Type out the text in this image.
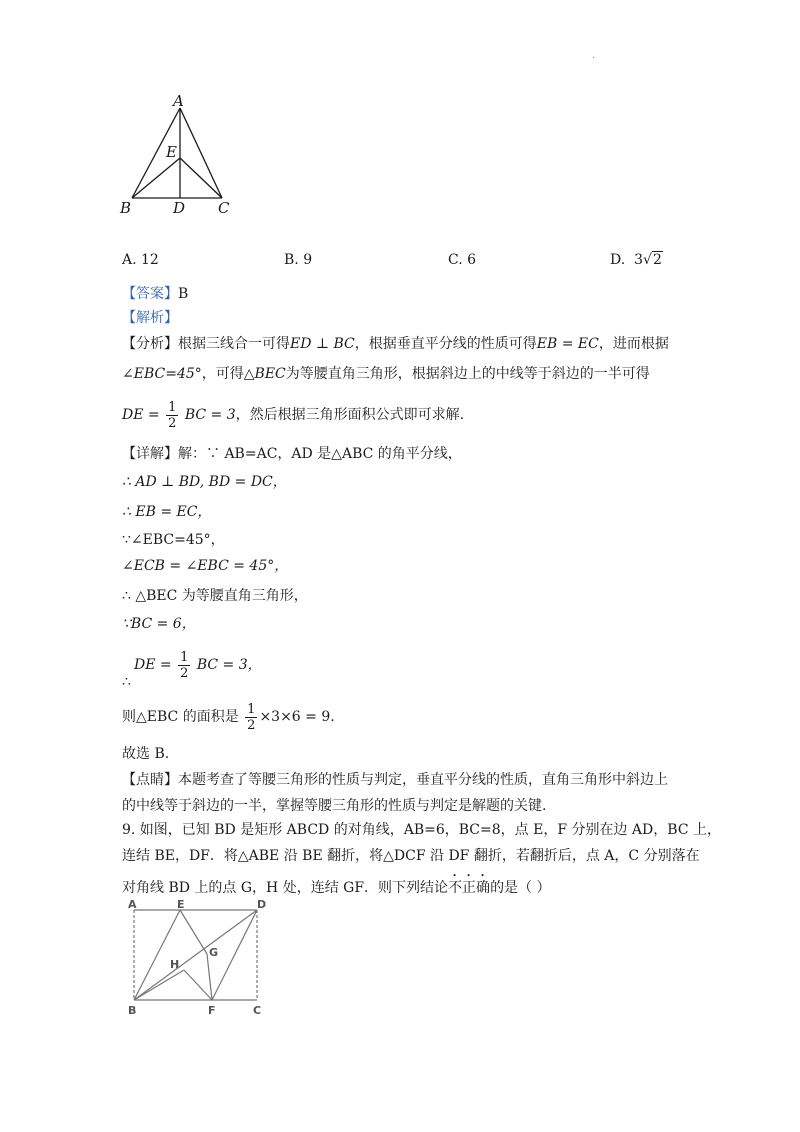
.
A
E
B	D C
A. 12	B. 9	C. 6	D. 3√2
【答案】B
【解析】
【分析】根据三线合一可得ED ⊥ BC，根据垂直平分线的性质可得EB = EC，进而根据
∠EBC=45°，可得△BEC为等腰直角三角形，根据斜边上的中线等于斜边的一半可得
DE = $\frac{1}{2}$ BC = 3，然后根据三角形面积公式即可求解.
【详解】解：∵ AB=AC，AD 是△ABC 的角平分线，
∴ AD ⊥ BD, BD = DC，
∴ EB = EC，
∵∠EBC=45°，
∠ECB = ∠EBC = 45°，
∴ △BEC 为等腰直角三角形，
∵BC = 6，
DE = $\frac{1}{2}$ BC = 3，
∴
则△EBC 的面积是 $\frac{1}{2} \times 3\times 6 = 9$.
故选 B.
【点睛】本题考查了等腰三角形的性质与判定，垂直平分线的性质，直角三角形中斜边上
的中线等于斜边的一半，掌握等腰三角形的性质与判定是解题的关键.
9. 如图，已知 BD 是矩形 ABCD 的对角线，AB=6，BC=8，点 E，F 分别在边 AD，BC 上，
连结 BE，DF．将△ABE 沿 BE 翻折，将△DCF 沿 DF 翻折，若翻折后，点 A，C 分别落在
对角线 BD 上的点 G，H 处，连结 GF．则下列结论不正确的是（ ）
A	E	D
H
G
B	F	C
